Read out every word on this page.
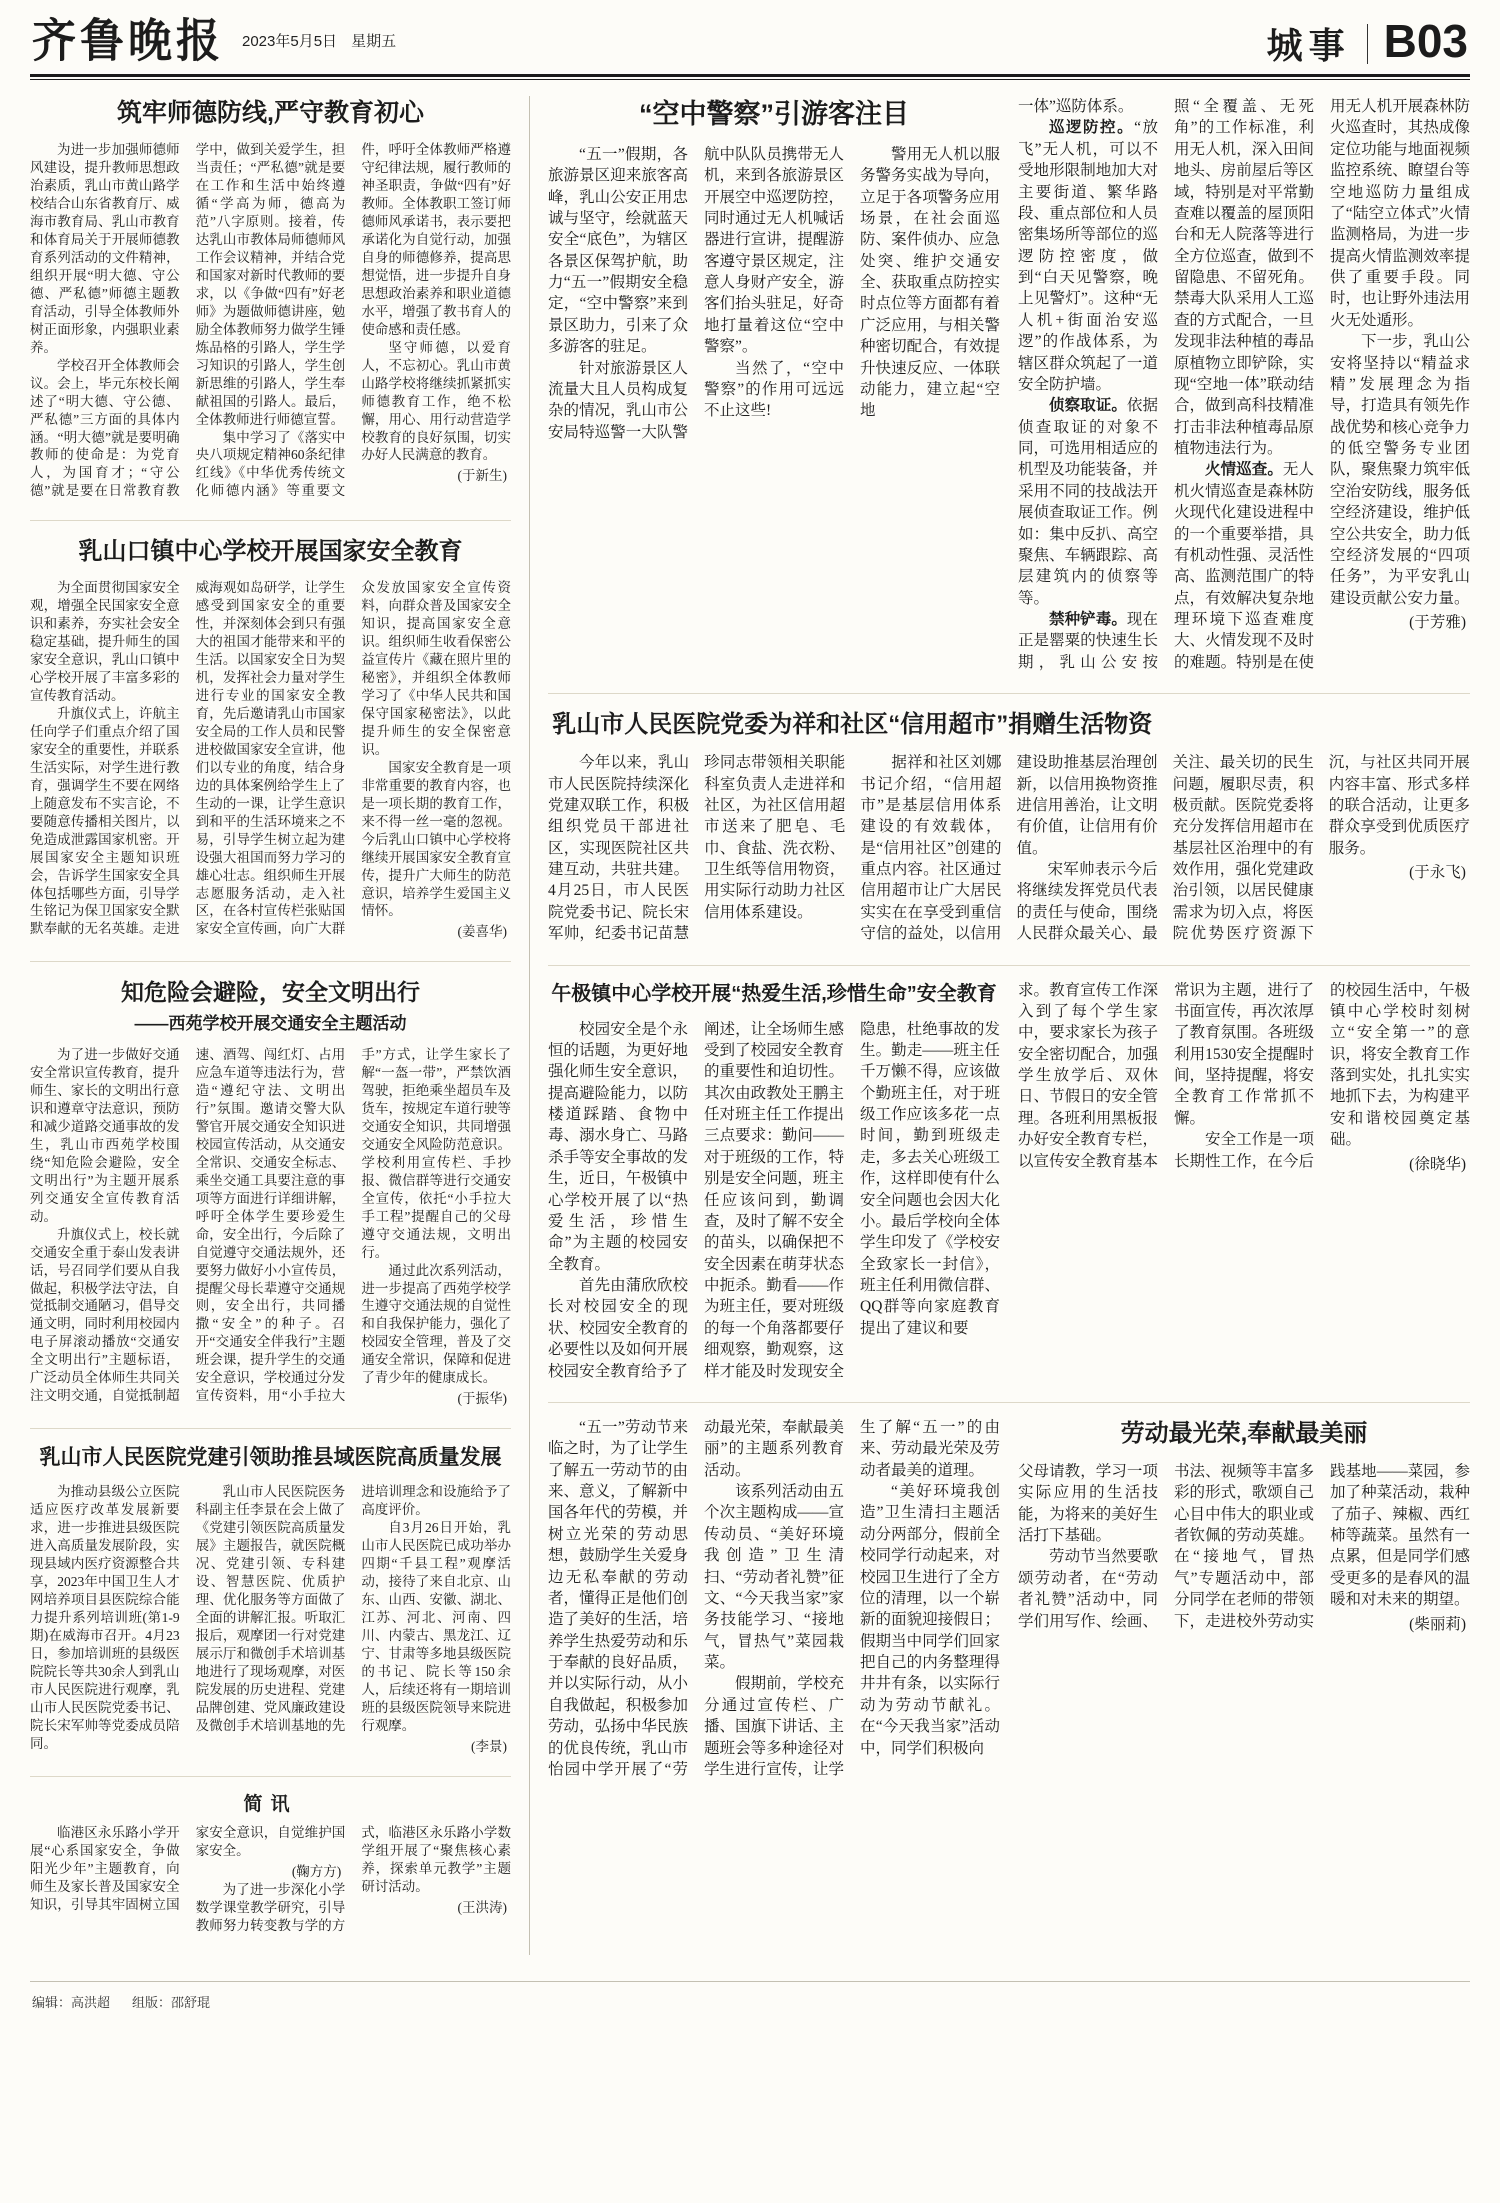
齐鲁晚报 2023年5月5日 星期五	城事 B03
筑牢师德防线,严守教育初心

为进一步加强师德师风建设，提升教师思想政治素质，乳山市黄山路学校结合山东省教育厅、威海市教育局、乳山市教育和体育局关于开展师德教育系列活动的文件精神，组织开展“明大德、守公德、严私德”师德主题教育活动，引导全体教师外树正面形象，内强职业素养。

学校召开全体教师会议。会上，毕元东校长阐述了“明大德、守公德、严私德”三方面的具体内涵。“明大德”就是要明确教师的使命是：为党育人，为国育才；“守公德”就是要在日常教育教学中，做到关爱学生，担当责任；“严私德”就是要在工作和生活中始终遵循“学高为师，德高为范”八字原则。接着，传达乳山市教体局师德师风工作会议精神，并结合党和国家对新时代教师的要求，以《争做“四有”好老师》为题做师德讲座，勉励全体教师努力做学生锤炼品格的引路人，学生学习知识的引路人，学生创新思维的引路人，学生奉献祖国的引路人。最后，全体教师进行师德宣誓。

集中学习了《落实中央八项规定精神60条纪律红线》《中华优秀传统文化师德内涵》等重要文件，呼吁全体教师严格遵守纪律法规，履行教师的神圣职责，争做“四有”好教师。全体教职工签订师德师风承诺书，表示要把承诺化为自觉行动，加强自身的师德修养，提高思想觉悟，进一步提升自身思想政治素养和职业道德水平，增强了教书育人的使命感和责任感。

坚守师德，以爱育人，不忘初心。乳山市黄山路学校将继续抓紧抓实师德教育工作，绝不松懈，用心、用行动营造学校教育的良好氛围，切实办好人民满意的教育。

(于新生)
乳山口镇中心学校开展国家安全教育

为全面贯彻国家安全观，增强全民国家安全意识和素养，夯实社会安全稳定基础，提升师生的国家安全意识，乳山口镇中心学校开展了丰富多彩的宣传教育活动。

升旗仪式上，许航主任向学子们重点介绍了国家安全的重要性，并联系生活实际，对学生进行教育，强调学生不要在网络上随意发布不实言论，不要随意传播相关图片，以免造成泄露国家机密。开展国家安全主题知识班会，告诉学生国家安全具体包括哪些方面，引导学生铭记为保卫国家安全默默奉献的无名英雄。走进威海观如岛研学，让学生感受到国家安全的重要性，并深刻体会到只有强大的祖国才能带来和平的生活。以国家安全日为契机，发挥社会力量对学生进行专业的国家安全教育，先后邀请乳山市国家安全局的工作人员和民警进校做国家安全宣讲，他们以专业的角度，结合身边的具体案例给学生上了生动的一课，让学生意识到和平的生活环境来之不易，引导学生树立起为建设强大祖国而努力学习的雄心壮志。组织师生开展志愿服务活动，走入社区，在各村宣传栏张贴国家安全宣传画，向广大群众发放国家安全宣传资料，向群众普及国家安全知识，提高国家安全意识。组织师生收看保密公益宣传片《藏在照片里的秘密》，并组织全体教师学习了《中华人民共和国保守国家秘密法》，以此提升师生的安全保密意识。

国家安全教育是一项非常重要的教育内容，也是一项长期的教育工作，来不得一丝一毫的忽视。今后乳山口镇中心学校将继续开展国家安全教育宣传，提升广大师生的防范意识，培养学生爱国主义情怀。

(姜喜华)
知危险会避险，安全文明出行
——西苑学校开展交通安全主题活动

为了进一步做好交通安全常识宣传教育，提升师生、家长的文明出行意识和遵章守法意识，预防和减少道路交通事故的发生，乳山市西苑学校围绕“知危险会避险，安全文明出行”为主题开展系列交通安全宣传教育活动。

升旗仪式上，校长就交通安全重于泰山发表讲话，号召同学们要从自我做起，积极学法守法，自觉抵制交通陋习，倡导交通文明，同时利用校园内电子屏滚动播放“交通安全文明出行”主题标语，广泛动员全体师生共同关注文明交通，自觉抵制超速、酒驾、闯红灯、占用应急车道等违法行为，营造“遵纪守法、文明出行”氛围。邀请交警大队警官开展交通安全知识进校园宣传活动，从交通安全常识、交通安全标志、乘坐交通工具要注意的事项等方面进行详细讲解，呼吁全体学生要珍爱生命，安全出行，今后除了自觉遵守交通法规外，还要努力做好小小宣传员，提醒父母长辈遵守交通规则，安全出行，共同播撒“安全”的种子。召开“交通安全伴我行”主题班会课，提升学生的交通安全意识，学校通过分发宣传资料，用“小手拉大手”方式，让学生家长了解“一盔一带”，严禁饮酒驾驶，拒绝乘坐超员车及货车，按规定车道行驶等交通安全知识，共同增强交通安全风险防范意识。学校利用宣传栏、手抄报、微信群等进行交通安全宣传，依托“小手拉大手工程”提醒自己的父母遵守交通法规，文明出行。

通过此次系列活动，进一步提高了西苑学校学生遵守交通法规的自觉性和自我保护能力，强化了校园安全管理，普及了交通安全常识，保障和促进了青少年的健康成长。

(于振华)
乳山市人民医院党建引领助推县域医院高质量发展

为推动县级公立医院适应医疗改革发展新要求，进一步推进县级医院进入高质量发展阶段，实现县域内医疗资源整合共享，2023年中国卫生人才网培养项目县医院综合能力提升系列培训班(第1-9期)在威海市召开。4月23日，参加培训班的县级医院院长等共30余人到乳山市人民医院进行观摩，乳山市人民医院党委书记、院长宋军帅等党委成员陪同。

乳山市人民医院医务科副主任李景在会上做了《党建引领医院高质量发展》主题报告，就医院概况、党建引领、专科建设、智慧医院、优质护理、优化服务等方面做了全面的讲解汇报。听取汇报后，观摩团一行对党建展示厅和微创手术培训基地进行了现场观摩，对医院发展的历史进程、党建品牌创建、党风廉政建设及微创手术培训基地的先进培训理念和设施给予了高度评价。

自3月26日开始，乳山市人民医院已成功举办四期“千县工程”观摩活动，接待了来自北京、山东、山西、安徽、湖北、江苏、河北、河南、四川、内蒙古、黑龙江、辽宁、甘肃等多地县级医院的书记、院长等150余人，后续还将有一期培训班的县级医院领导来院进行观摩。

(李景)
简讯

临港区永乐路小学开展“心系国家安全，争做阳光少年”主题教育，向师生及家长普及国家安全知识，引导其牢固树立国家安全意识，自觉维护国家安全。

(鞠方方)

为了进一步深化小学数学课堂教学研究，引导教师努力转变教与学的方式，临港区永乐路小学数学组开展了“聚焦核心素养，探索单元教学”主题研讨活动。

(王洪涛)
“空中警察”引游客注目

“五一”假期，各旅游景区迎来旅客高峰，乳山公安正用忠诚与坚守，绘就蓝天安全“底色”，为辖区各景区保驾护航，助力“五一”假期安全稳定，“空中警察”来到景区助力，引来了众多游客的驻足。

针对旅游景区人流量大且人员构成复杂的情况，乳山市公安局特巡警一大队警航中队队员携带无人机，来到各旅游景区开展空中巡逻防控，同时通过无人机喊话器进行宣讲，提醒游客遵守景区规定，注意人身财产安全，游客们抬头驻足，好奇地打量着这位“空中警察”。

当然了，“空中警察”的作用可远远不止这些!

警用无人机以服务警务实战为导向，立足于各项警务应用场景，在社会面巡防、案件侦办、应急处突、维护交通安全、获取重点防控实时点位等方面都有着广泛应用，与相关警种密切配合，有效提升快速反应、一体联动能力，建立起“空地

一体”巡防体系。

巡逻防控。“放飞”无人机，可以不受地形限制地加大对主要街道、繁华路段、重点部位和人员密集场所等部位的巡逻防控密度，做到“白天见警察，晚上见警灯”。这种“无人机+街面治安巡逻”的作战体系，为辖区群众筑起了一道安全防护墙。

侦察取证。依据侦查取证的对象不同，可选用相适应的机型及功能装备，并采用不同的技战法开展侦查取证工作。例如：集中反扒、高空聚焦、车辆跟踪、高层建筑内的侦察等等。

禁种铲毒。现在正是罂粟的快速生长期，乳山公安按照“全覆盖、无死角”的工作标准，利用无人机，深入田间地头、房前屋后等区域，特别是对平常勤查难以覆盖的屋顶阳台和无人院落等进行全方位巡查，做到不留隐患、不留死角。禁毒大队采用人工巡查的方式配合，一旦发现非法种植的毒品原植物立即铲除，实现“空地一体”联动结合，做到高科技精准打击非法种植毒品原植物违法行为。

火情巡查。无人机火情巡查是森林防火现代化建设进程中的一个重要举措，具有机动性强、灵活性高、监测范围广的特点，有效解决复杂地理环境下巡查难度大、火情发现不及时的难题。特别是在使用无人机开展森林防火巡查时，其热成像定位功能与地面视频监控系统、瞭望台等空地巡防力量组成了“陆空立体式”火情监测格局，为进一步提高火情监测效率提供了重要手段。同时，也让野外违法用火无处遁形。

下一步，乳山公安将坚持以“精益求精”发展理念为指导，打造具有领先作战优势和核心竞争力的低空警务专业团队，聚焦聚力筑牢低空治安防线，服务低空经济建设，维护低空公共安全，助力低空经济发展的“四项任务”，为平安乳山建设贡献公安力量。

(于芳雅)
乳山市人民医院党委为祥和社区“信用超市”捐赠生活物资

今年以来，乳山市人民医院持续深化党建双联工作，积极组织党员干部进社区，实现医院社区共建互动，共驻共建。4月25日，市人民医院党委书记、院长宋军帅，纪委书记苗慧珍同志带领相关职能科室负责人走进祥和社区，为社区信用超市送来了肥皂、毛巾、食盐、洗衣粉、卫生纸等信用物资，用实际行动助力社区信用体系建设。

据祥和社区刘娜书记介绍，“信用超市”是基层信用体系建设的有效载体，是“信用社区”创建的重点内容。社区通过信用超市让广大居民实实在在享受到重信守信的益处，以信用建设助推基层治理创新，以信用换物资推进信用善治，让文明有价值，让信用有价值。

宋军帅表示今后将继续发挥党员代表的责任与使命，围绕人民群众最关心、最关注、最关切的民生问题，履职尽责，积极贡献。医院党委将充分发挥信用超市在基层社区治理中的有效作用，强化党建政治引领，以居民健康需求为切入点，将医院优势医疗资源下沉，与社区共同开展内容丰富、形式多样的联合活动，让更多群众享受到优质医疗服务。

(于永飞)
午极镇中心学校开展“热爱生活,珍惜生命”安全教育

校园安全是个永恒的话题，为更好地强化师生安全意识，提高避险能力，以防楼道踩踏、食物中毒、溺水身亡、马路杀手等安全事故的发生，近日，午极镇中心学校开展了以“热爱生活，珍惜生命”为主题的校园安全教育。

首先由蒲欣欣校长对校园安全的现状、校园安全教育的必要性以及如何开展校园安全教育给予了阐述，让全场师生感受到了校园安全教育的重要性和迫切性。其次由政教处王鹏主任对班主任工作提出三点要求：勤问——对于班级的工作，特别是安全问题，班主任应该问到，勤调查，及时了解不安全的苗头，以确保把不安全因素在萌芽状态中扼杀。勤看——作为班主任，要对班级的每一个角落都要仔细观察，勤观察，这样才能及时发现安全隐患，杜绝事故的发生。勤走——班主任千万懒不得，应该做个勤班主任，对于班级工作应该多花一点时间，勤到班级走走，多去关心班级工作，这样即使有什么安全问题也会因大化小。最后学校向全体学生印发了《学校安全致家长一封信》，班主任利用微信群、QQ群等向家庭教育提出了建议和要

求。教育宣传工作深入到了每个学生家中，要求家长为孩子安全密切配合，加强学生放学后、双休日、节假日的安全管理。各班利用黑板报办好安全教育专栏，以宣传安全教育基本常识为主题，进行了书面宣传，再次浓厚了教育氛围。各班级利用1530安全提醒时间，坚持提醒，将安全教育工作常抓不懈。

安全工作是一项长期性工作，在今后的校园生活中，午极镇中心学校时刻树立“安全第一”的意识，将安全教育工作落到实处，扎扎实实地抓下去，为构建平安和谐校园奠定基础。

(徐晓华)

“五一”劳动节来临之时，为了让学生了解五一劳动节的由来、意义，了解新中国各年代的劳模，并树立光荣的劳动思想，鼓励学生关爱身边无私奉献的劳动者，懂得正是他们创造了美好的生活，培养学生热爱劳动和乐于奉献的良好品质，并以实际行动，从小自我做起，积极参加劳动，弘扬中华民族的优良传统，乳山市怡园中学开展了“劳动最光荣，奉献最美丽”的主题系列教育活动。

该系列活动由五个次主题构成——宣传动员、“美好环境我创造”卫生清扫、“劳动者礼赞”征文、“今天我当家”家务技能学习、“接地气，冒热气”菜园栽菜。

假期前，学校充分通过宣传栏、广播、国旗下讲话、主题班会等多种途径对学生进行宣传，让学生了解“五一”的由来、劳动最光荣及劳动者最美的道理。

“美好环境我创造”卫生清扫主题活动分两部分，假前全校同学行动起来，对校园卫生进行了全方位的清理，以一个崭新的面貌迎接假日；假期当中同学们回家把自己的内务整理得井井有条，以实际行动为劳动节献礼。在“今天我当家”活动中，同学们积极向

劳动最光荣,奉献最美丽

父母请教，学习一项实际应用的生活技能，为将来的美好生活打下基础。

劳动节当然要歌颂劳动者，在“劳动者礼赞”活动中，同学们用写作、绘画、书法、视频等丰富多彩的形式，歌颂自己心目中伟大的职业或者钦佩的劳动英雄。在“接地气，冒热气”专题活动中，部分同学在老师的带领下，走进校外劳动实践基地——菜园，参加了种菜活动，栽种了茄子、辣椒、西红柿等蔬菜。虽然有一点累，但是同学们感受更多的是春风的温暖和对未来的期望。

(柴丽莉)
编辑：高洪超 组版：邵舒琨
